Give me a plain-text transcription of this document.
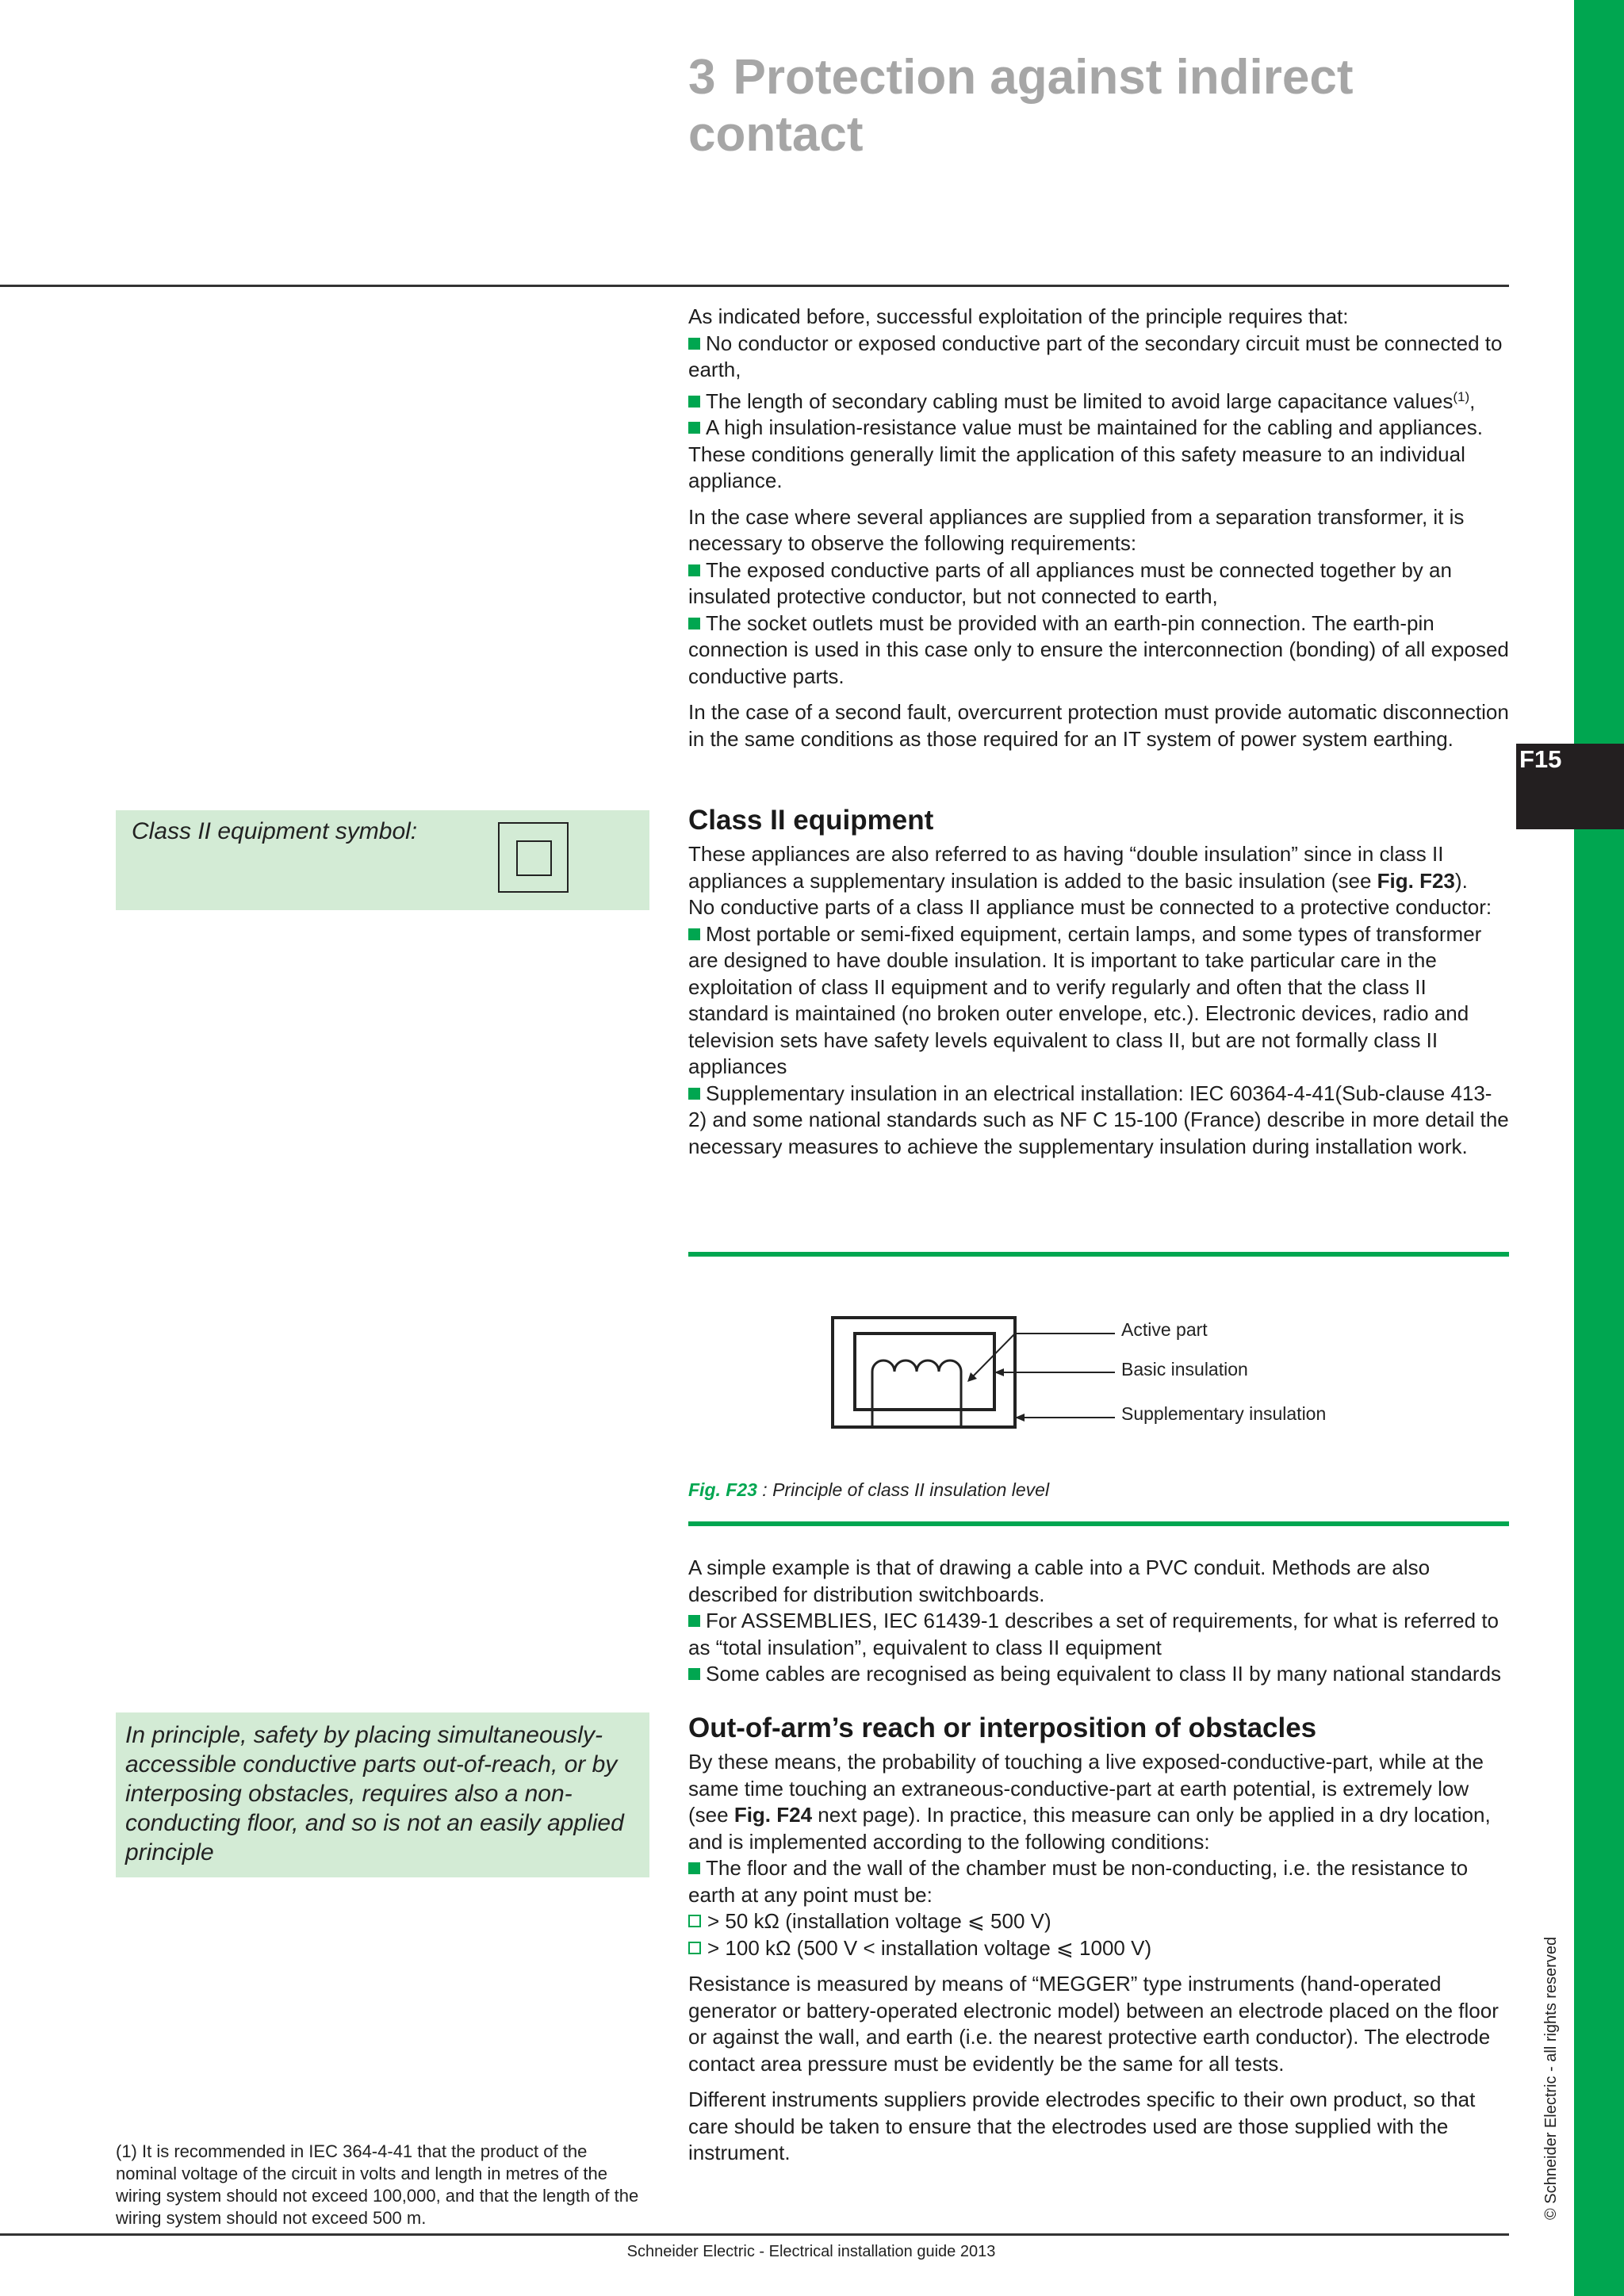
F15
© Schneider Electric - all rights reserved
3 Protection against indirect contact

As indicated before, successful exploitation of the principle requires that:

No conductor or exposed conductive part of the secondary circuit must be connected to earth,

The length of secondary cabling must be limited to avoid large capacitance values$^{(1)}$,

A high insulation-resistance value must be maintained for the cabling and appliances.

These conditions generally limit the application of this safety measure to an individual appliance.

In the case where several appliances are supplied from a separation transformer, it is necessary to observe the following requirements:

The exposed conductive parts of all appliances must be connected together by an insulated protective conductor, but not connected to earth,

The socket outlets must be provided with an earth-pin connection. The earth-pin connection is used in this case only to ensure the interconnection (bonding) of all exposed conductive parts.

In the case of a second fault, overcurrent protection must provide automatic disconnection in the same conditions as those required for an IT system of power system earthing.

Class II equipment symbol:	Class II equipment

These appliances are also referred to as having “double insulation” since in class II appliances a supplementary insulation is added to the basic insulation (see Fig. F23).

No conductive parts of a class II appliance must be connected to a protective conductor:

Most portable or semi-fixed equipment, certain lamps, and some types of transformer are designed to have double insulation. It is important to take particular care in the exploitation of class II equipment and to verify regularly and often that the class II standard is maintained (no broken outer envelope, etc.). Electronic devices, radio and television sets have safety levels equivalent to class II, but are not formally class II appliances

Supplementary insulation in an electrical installation: IEC 60364-4-41(Sub-clause 413-2) and some national standards such as NF C 15-100 (France) describe in more detail the necessary measures to achieve the supplementary insulation during installation work.

Active part
Basic insulation
Supplementary insulation
Fig. F23 : Principle of class II insulation level

A simple example is that of drawing a cable into a PVC conduit. Methods are also described for distribution switchboards.

For ASSEMBLIES, IEC 61439-1 describes a set of requirements, for what is referred to as “total insulation”, equivalent to class II equipment

Some cables are recognised as being equivalent to class II by many national standards

In principle, safety by placing simultaneously-accessible conductive parts out-of-reach, or by interposing obstacles, requires also a non-conducting floor, and so is not an easily applied principle
Out-of-arm’s reach or interposition of obstacles

By these means, the probability of touching a live exposed-conductive-part, while at the same time touching an extraneous-conductive-part at earth potential, is extremely low (see Fig. F24 next page). In practice, this measure can only be applied in a dry location, and is implemented according to the following conditions:

The floor and the wall of the chamber must be non-conducting, i.e. the resistance to earth at any point must be:

> 50 kΩ (installation voltage ⩽ 500 V)

> 100 kΩ (500 V < installation voltage ⩽ 1000 V)

Resistance is measured by means of “MEGGER” type instruments (hand-operated generator or battery-operated electronic model) between an electrode placed on the floor or against the wall, and earth (i.e. the nearest protective earth conductor). The electrode contact area pressure must be evidently be the same for all tests.

Different instruments suppliers provide electrodes specific to their own product, so that care should be taken to ensure that the electrodes used are those supplied with the instrument.

(1) It is recommended in IEC 364-4-41 that the product of the nominal voltage of the circuit in volts and length in metres of the wiring system should not exceed 100,000, and that the length of the wiring system should not exceed 500 m.
Schneider Electric - Electrical installation guide 2013
